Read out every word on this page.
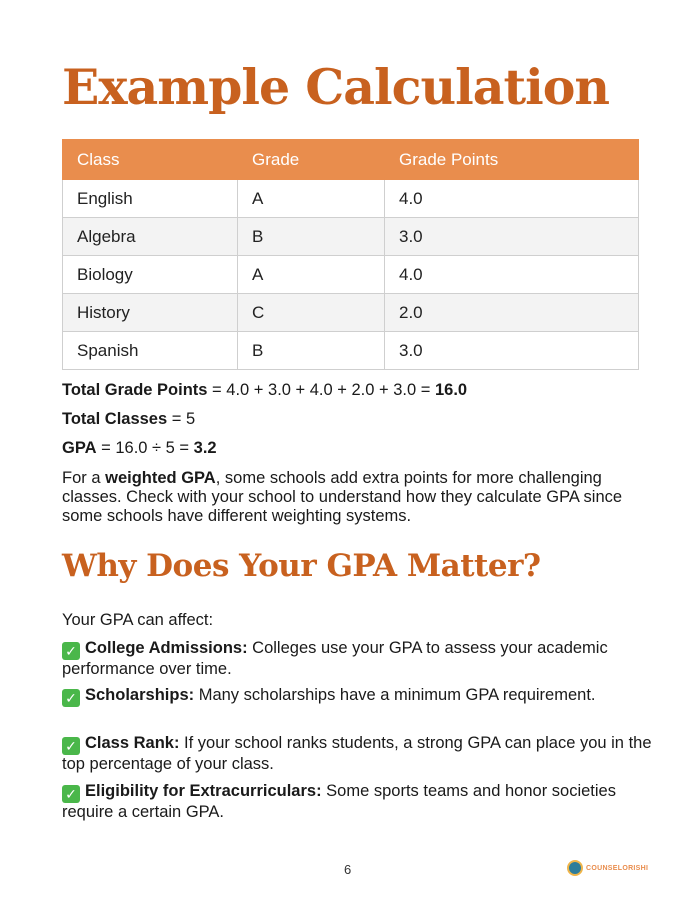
Example Calculation
Class	Grade	Grade Points
English	A	4.0
Algebra	B	3.0
Biology	A	4.0
History	C	2.0
Spanish	B	3.0
Total Grade Points = 4.0 + 3.0 + 4.0 + 2.0 + 3.0 = 16.0
Total Classes = 5
GPA = 16.0 ÷ 5 = 3.2
For a weighted GPA, some schools add extra points for more challenging classes. Check with your school to understand how they calculate GPA since some schools have different weighting systems.
Why Does Your GPA Matter?
Your GPA can affect:
✓ College Admissions: Colleges use your GPA to assess your academic performance over time.
✓ Scholarships: Many scholarships have a minimum GPA requirement.
✓ Class Rank: If your school ranks students, a strong GPA can place you in the top percentage of your class.
✓ Eligibility for Extracurriculars: Some sports teams and honor societies require a certain GPA.
6	COUNSELORISHI
